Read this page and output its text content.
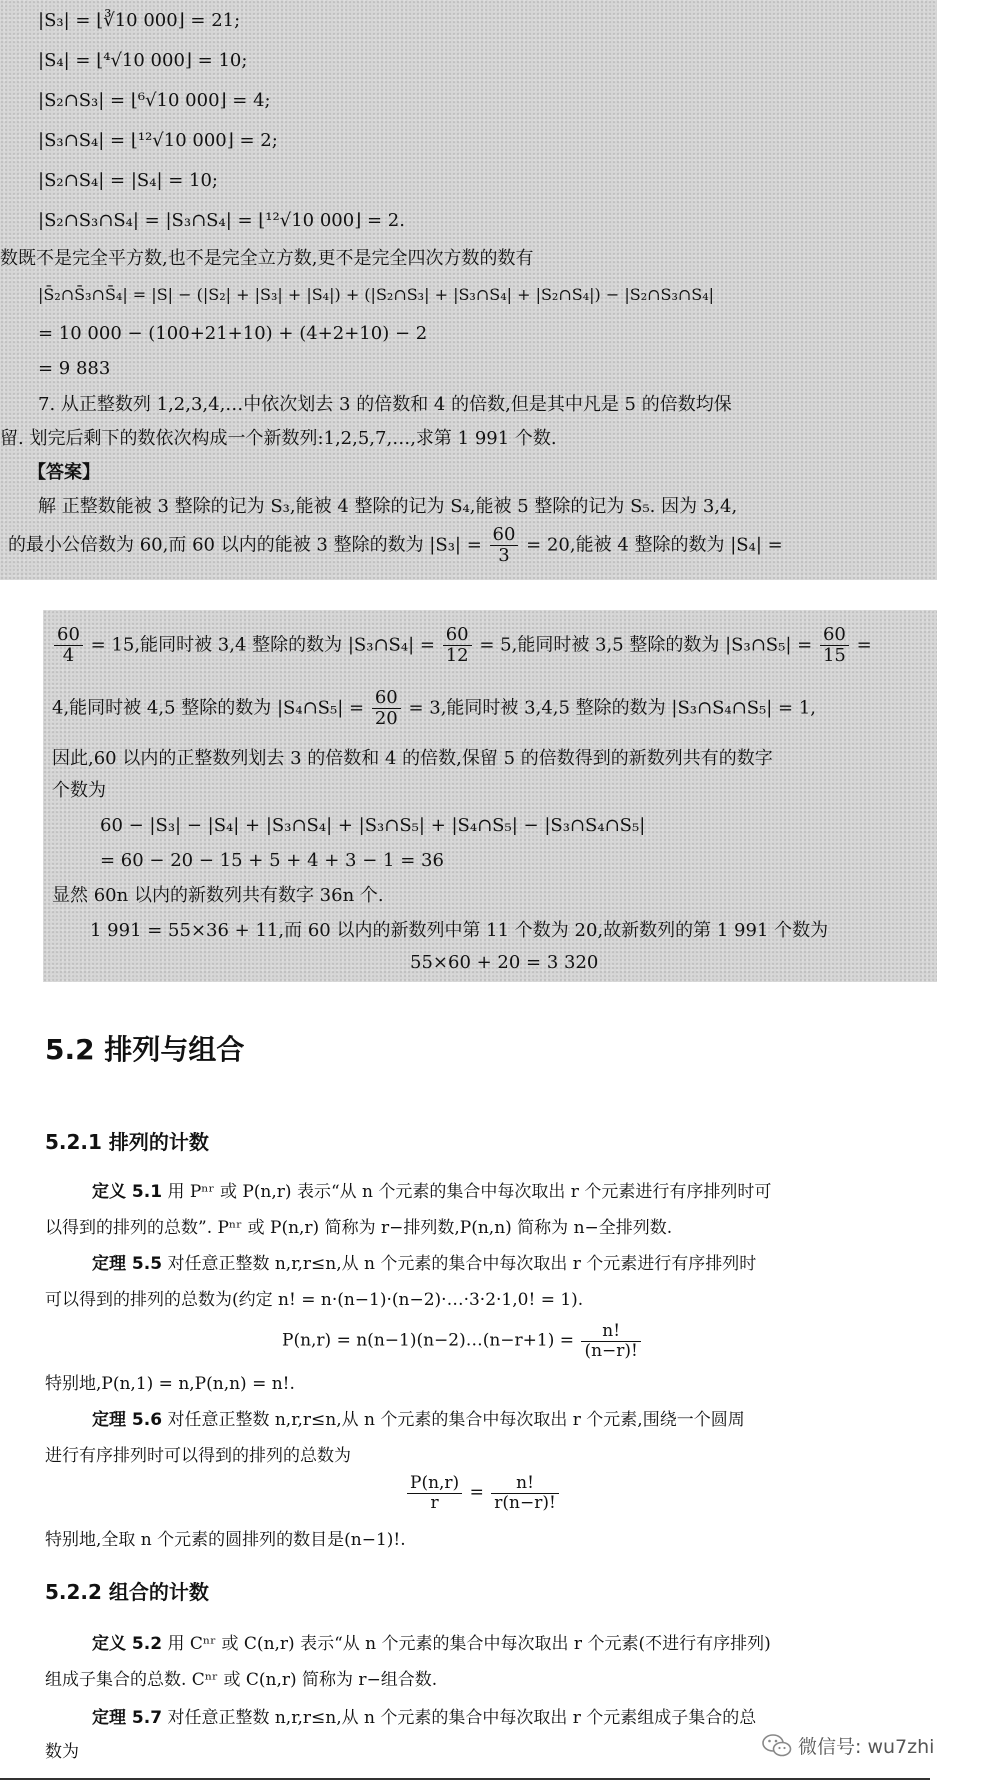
|S₃| = ⌊∛10 000⌋ = 21;
|S₄| = ⌊⁴√10 000⌋ = 10;
|S₂∩S₃| = ⌊⁶√10 000⌋ = 4;
|S₃∩S₄| = ⌊¹²√10 000⌋ = 2;
|S₂∩S₄| = |S₄| = 10;
|S₂∩S₃∩S₄| = |S₃∩S₄| = ⌊¹²√10 000⌋ = 2.
数既不是完全平方数,也不是完全立方数,更不是完全四次方数的数有
|S̄₂∩S̄₃∩S̄₄| = |S| − (|S₂| + |S₃| + |S₄|) + (|S₂∩S₃| + |S₃∩S₄| + |S₂∩S₄|) − |S₂∩S₃∩S₄|
= 10 000 − (100+21+10) + (4+2+10) − 2
= 9 883
7. 从正整数列 1,2,3,4,…中依次划去 3 的倍数和 4 的倍数,但是其中凡是 5 的倍数均保
留. 划完后剩下的数依次构成一个新数列:1,2,5,7,…,求第 1 991 个数.
【答案】
解 正整数能被 3 整除的记为 S₃,能被 4 整除的记为 S₄,能被 5 整除的记为 S₅. 因为 3,4,
的最小公倍数为 60,而 60 以内的能被 3 整除的数为 $|S_3| = \frac{60}{3} = 20$,能被 4 整除的数为 |S₄| =
$\frac{60}{4} = 15$,能同时被 3,4 整除的数为 |S₃∩S₄| = $\frac{60}{12} = 5$,能同时被 3,5 整除的数为 |S₃∩S₅| = $\frac{60}{15}$ =
4,能同时被 4,5 整除的数为 |S₄∩S₅| = $\frac{60}{20} = 3$,能同时被 3,4,5 整除的数为 |S₃∩S₄∩S₅| = 1,
因此,60 以内的正整数列划去 3 的倍数和 4 的倍数,保留 5 的倍数得到的新数列共有的数字
个数为
60 − |S₃| − |S₄| + |S₃∩S₄| + |S₃∩S₅| + |S₄∩S₅| − |S₃∩S₄∩S₅|
= 60 − 20 − 15 + 5 + 4 + 3 − 1 = 36
显然 60n 以内的新数列共有数字 36n 个.
1 991 = 55×36 + 11,而 60 以内的新数列中第 11 个数为 20,故新数列的第 1 991 个数为
55×60 + 20 = 3 320
5.2 排列与组合
5.2.1 排列的计数
定义 5.1 用 Pⁿʳ 或 P(n,r) 表示“从 n 个元素的集合中每次取出 r 个元素进行有序排列时可
以得到的排列的总数”. Pⁿʳ 或 P(n,r) 简称为 r−排列数,P(n,n) 简称为 n−全排列数.
定理 5.5 对任意正整数 n,r,r≤n,从 n 个元素的集合中每次取出 r 个元素进行有序排列时
可以得到的排列的总数为(约定 n! = n·(n−1)·(n−2)·…·3·2·1,0! = 1).
P(n,r) = n(n−1)(n−2)…(n−r+1) = $\frac{n!}{(n-r)!}$
特别地,P(n,1) = n,P(n,n) = n!.
定理 5.6 对任意正整数 n,r,r≤n,从 n 个元素的集合中每次取出 r 个元素,围绕一个圆周
进行有序排列时可以得到的排列的总数为
$\frac{P(n,r)}{r} = \frac{n!}{r(n-r)!}$
特别地,全取 n 个元素的圆排列的数目是(n−1)!.
5.2.2 组合的计数
定义 5.2 用 Cⁿʳ 或 C(n,r) 表示“从 n 个元素的集合中每次取出 r 个元素(不进行有序排列)
组成子集合的总数. Cⁿʳ 或 C(n,r) 简称为 r−组合数.
定理 5.7 对任意正整数 n,r,r≤n,从 n 个元素的集合中每次取出 r 个元素组成子集合的总
数为	微信号: wu7zhi
